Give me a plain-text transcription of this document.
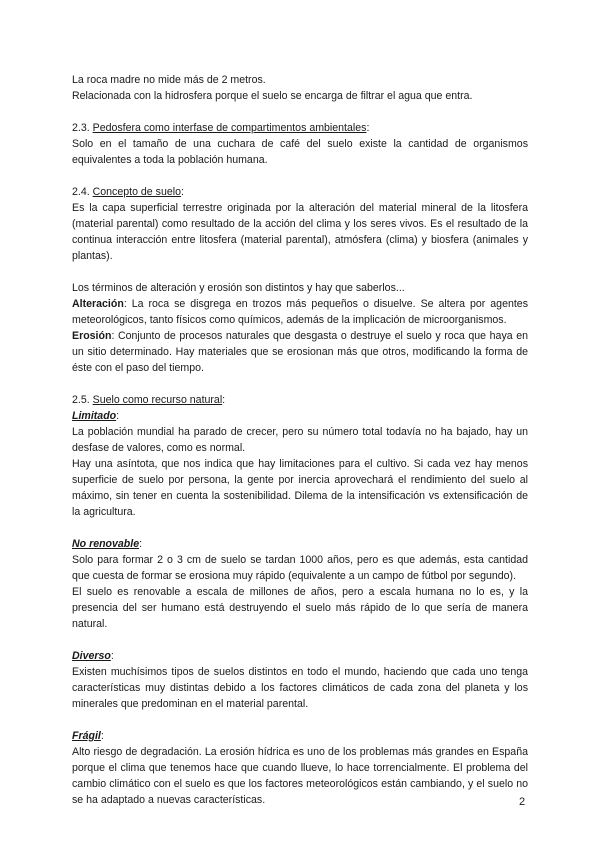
La roca madre no mide más de 2 metros.

Relacionada con la hidrosfera porque el suelo se encarga de filtrar el agua que entra.

2.3. Pedosfera como interfase de compartimentos ambientales:

Solo en el tamaño de una cuchara de café del suelo existe la cantidad de organismos equivalentes a toda la población humana.

2.4. Concepto de suelo:

Es la capa superficial terrestre originada por la alteración del material mineral de la litosfera (material parental) como resultado de la acción del clima y los seres vivos. Es el resultado de la continua interacción entre litosfera (material parental), atmósfera (clima) y biosfera (animales y plantas).

Los términos de alteración y erosión son distintos y hay que saberlos...

Alteración: La roca se disgrega en trozos más pequeños o disuelve. Se altera por agentes meteorológicos, tanto físicos como químicos, además de la implicación de microorganismos.

Erosión: Conjunto de procesos naturales que desgasta o destruye el suelo y roca que haya en un sitio determinado. Hay materiales que se erosionan más que otros, modificando la forma de éste con el paso del tiempo.

2.5. Suelo como recurso natural:

Limitado:

La población mundial ha parado de crecer, pero su número total todavía no ha bajado, hay un desfase de valores, como es normal.

Hay una asíntota, que nos indica que hay limitaciones para el cultivo. Si cada vez hay menos superficie de suelo por persona, la gente por inercia aprovechará el rendimiento del suelo al máximo, sin tener en cuenta la sostenibilidad. Dilema de la intensificación vs extensificación de la agricultura.

No renovable:

Solo para formar 2 o 3 cm de suelo se tardan 1000 años, pero es que además, esta cantidad que cuesta de formar se erosiona muy rápido (equivalente a un campo de fútbol por segundo).

El suelo es renovable a escala de millones de años, pero a escala humana no lo es, y la presencia del ser humano está destruyendo el suelo más rápido de lo que sería de manera natural.

Diverso:

Existen muchísimos tipos de suelos distintos en todo el mundo, haciendo que cada uno tenga características muy distintas debido a los factores climáticos de cada zona del planeta y los minerales que predominan en el material parental.

Frágil:

Alto riesgo de degradación. La erosión hídrica es uno de los problemas más grandes en España porque el clima que tenemos hace que cuando llueve, lo hace torrencialmente. El problema del cambio climático con el suelo es que los factores meteorológicos están cambiando, y el suelo no se ha adaptado a nuevas características.	2
